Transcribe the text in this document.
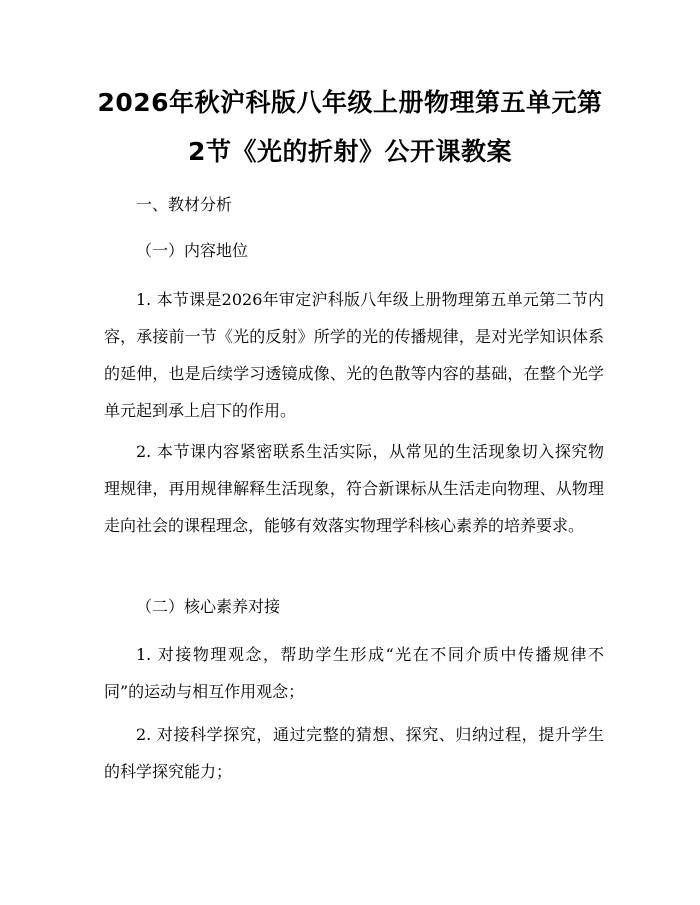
2026年秋沪科版八年级上册物理第五单元第
2节《光的折射》公开课教案
一、教材分析
（一）内容地位
1. 本节课是2026年审定沪科版八年级上册物理第五单元第二节内容，承接前一节《光的反射》所学的光的传播规律，是对光学知识体系的延伸，也是后续学习透镜成像、光的色散等内容的基础，在整个光学单元起到承上启下的作用。
2. 本节课内容紧密联系生活实际，从常见的生活现象切入探究物理规律，再用规律解释生活现象，符合新课标从生活走向物理、从物理走向社会的课程理念，能够有效落实物理学科核心素养的培养要求。
（二）核心素养对接
1. 对接物理观念，帮助学生形成“光在不同介质中传播规律不同”的运动与相互作用观念；
2. 对接科学探究，通过完整的猜想、探究、归纳过程，提升学生的科学探究能力；
